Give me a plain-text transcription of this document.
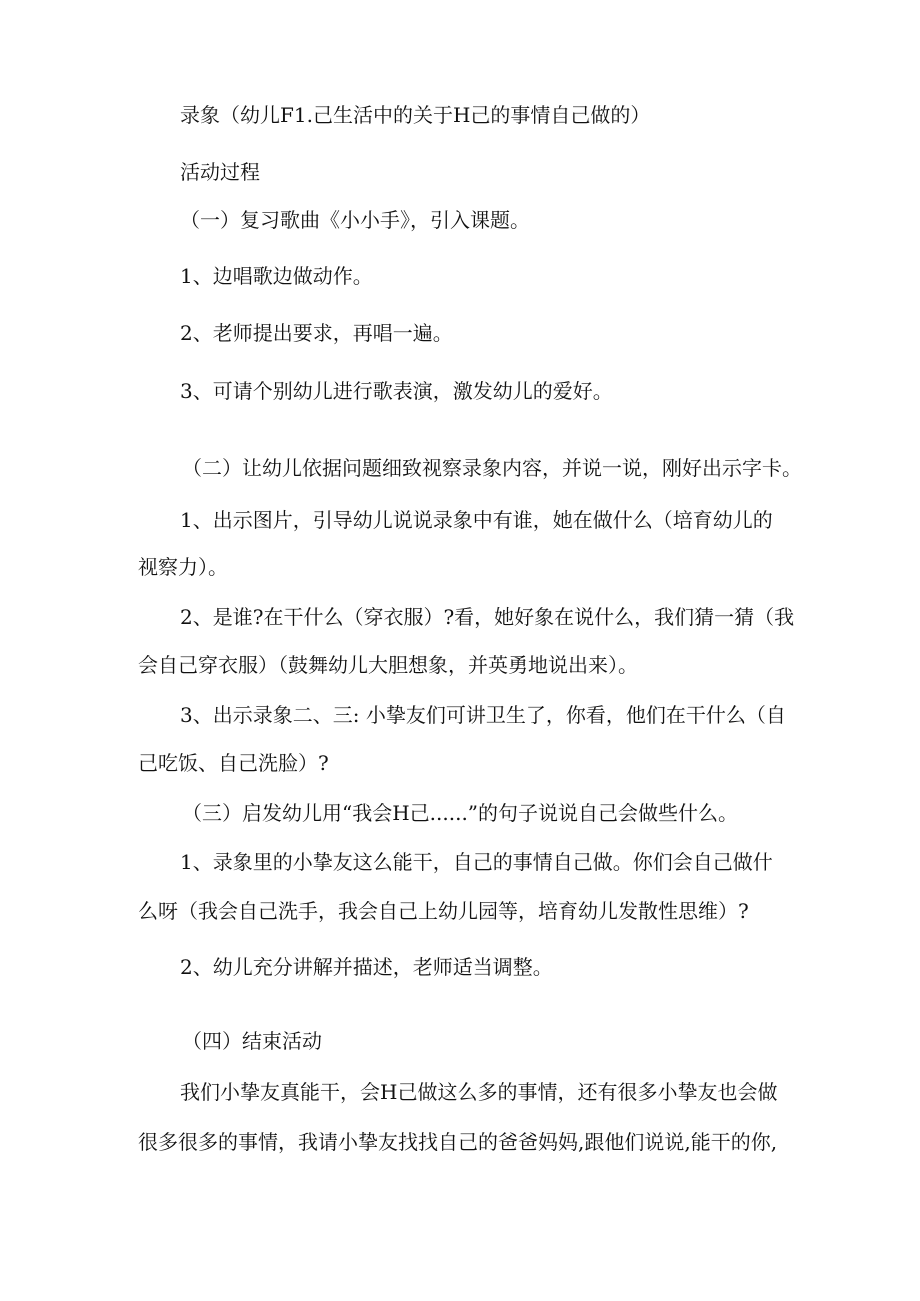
录象（幼儿F1.己生活中的关于H己的事情自己做的）
活动过程
（一）复习歌曲《小小手》，引入课题。
1、边唱歌边做动作。
2、老师提出要求，再唱一遍。
3、可请个别幼儿进行歌表演，激发幼儿的爱好。
（二）让幼儿依据问题细致视察录象内容，并说一说，刚好出示字卡。
1、出示图片，引导幼儿说说录象中有谁，她在做什么（培育幼儿的
视察力）。
2、是谁?在干什么（穿衣服）?看，她好象在说什么，我们猜一猜（我
会自己穿衣服）（鼓舞幼儿大胆想象，并英勇地说出来）。
3、出示录象二、三: 小挚友们可讲卫生了，你看，他们在干什么（自
己吃饭、自己洗脸）?
（三）启发幼儿用“我会H己......”的句子说说自己会做些什么。
1、录象里的小挚友这么能干，自己的事情自己做。你们会自己做什
么呀（我会自己洗手，我会自己上幼儿园等，培育幼儿发散性思维）?
2、幼儿充分讲解并描述，老师适当调整。
（四）结束活动
我们小挚友真能干，会H己做这么多的事情，还有很多小挚友也会做
很多很多的事情，我请小挚友找找自己的爸爸妈妈,跟他们说说,能干的你,
